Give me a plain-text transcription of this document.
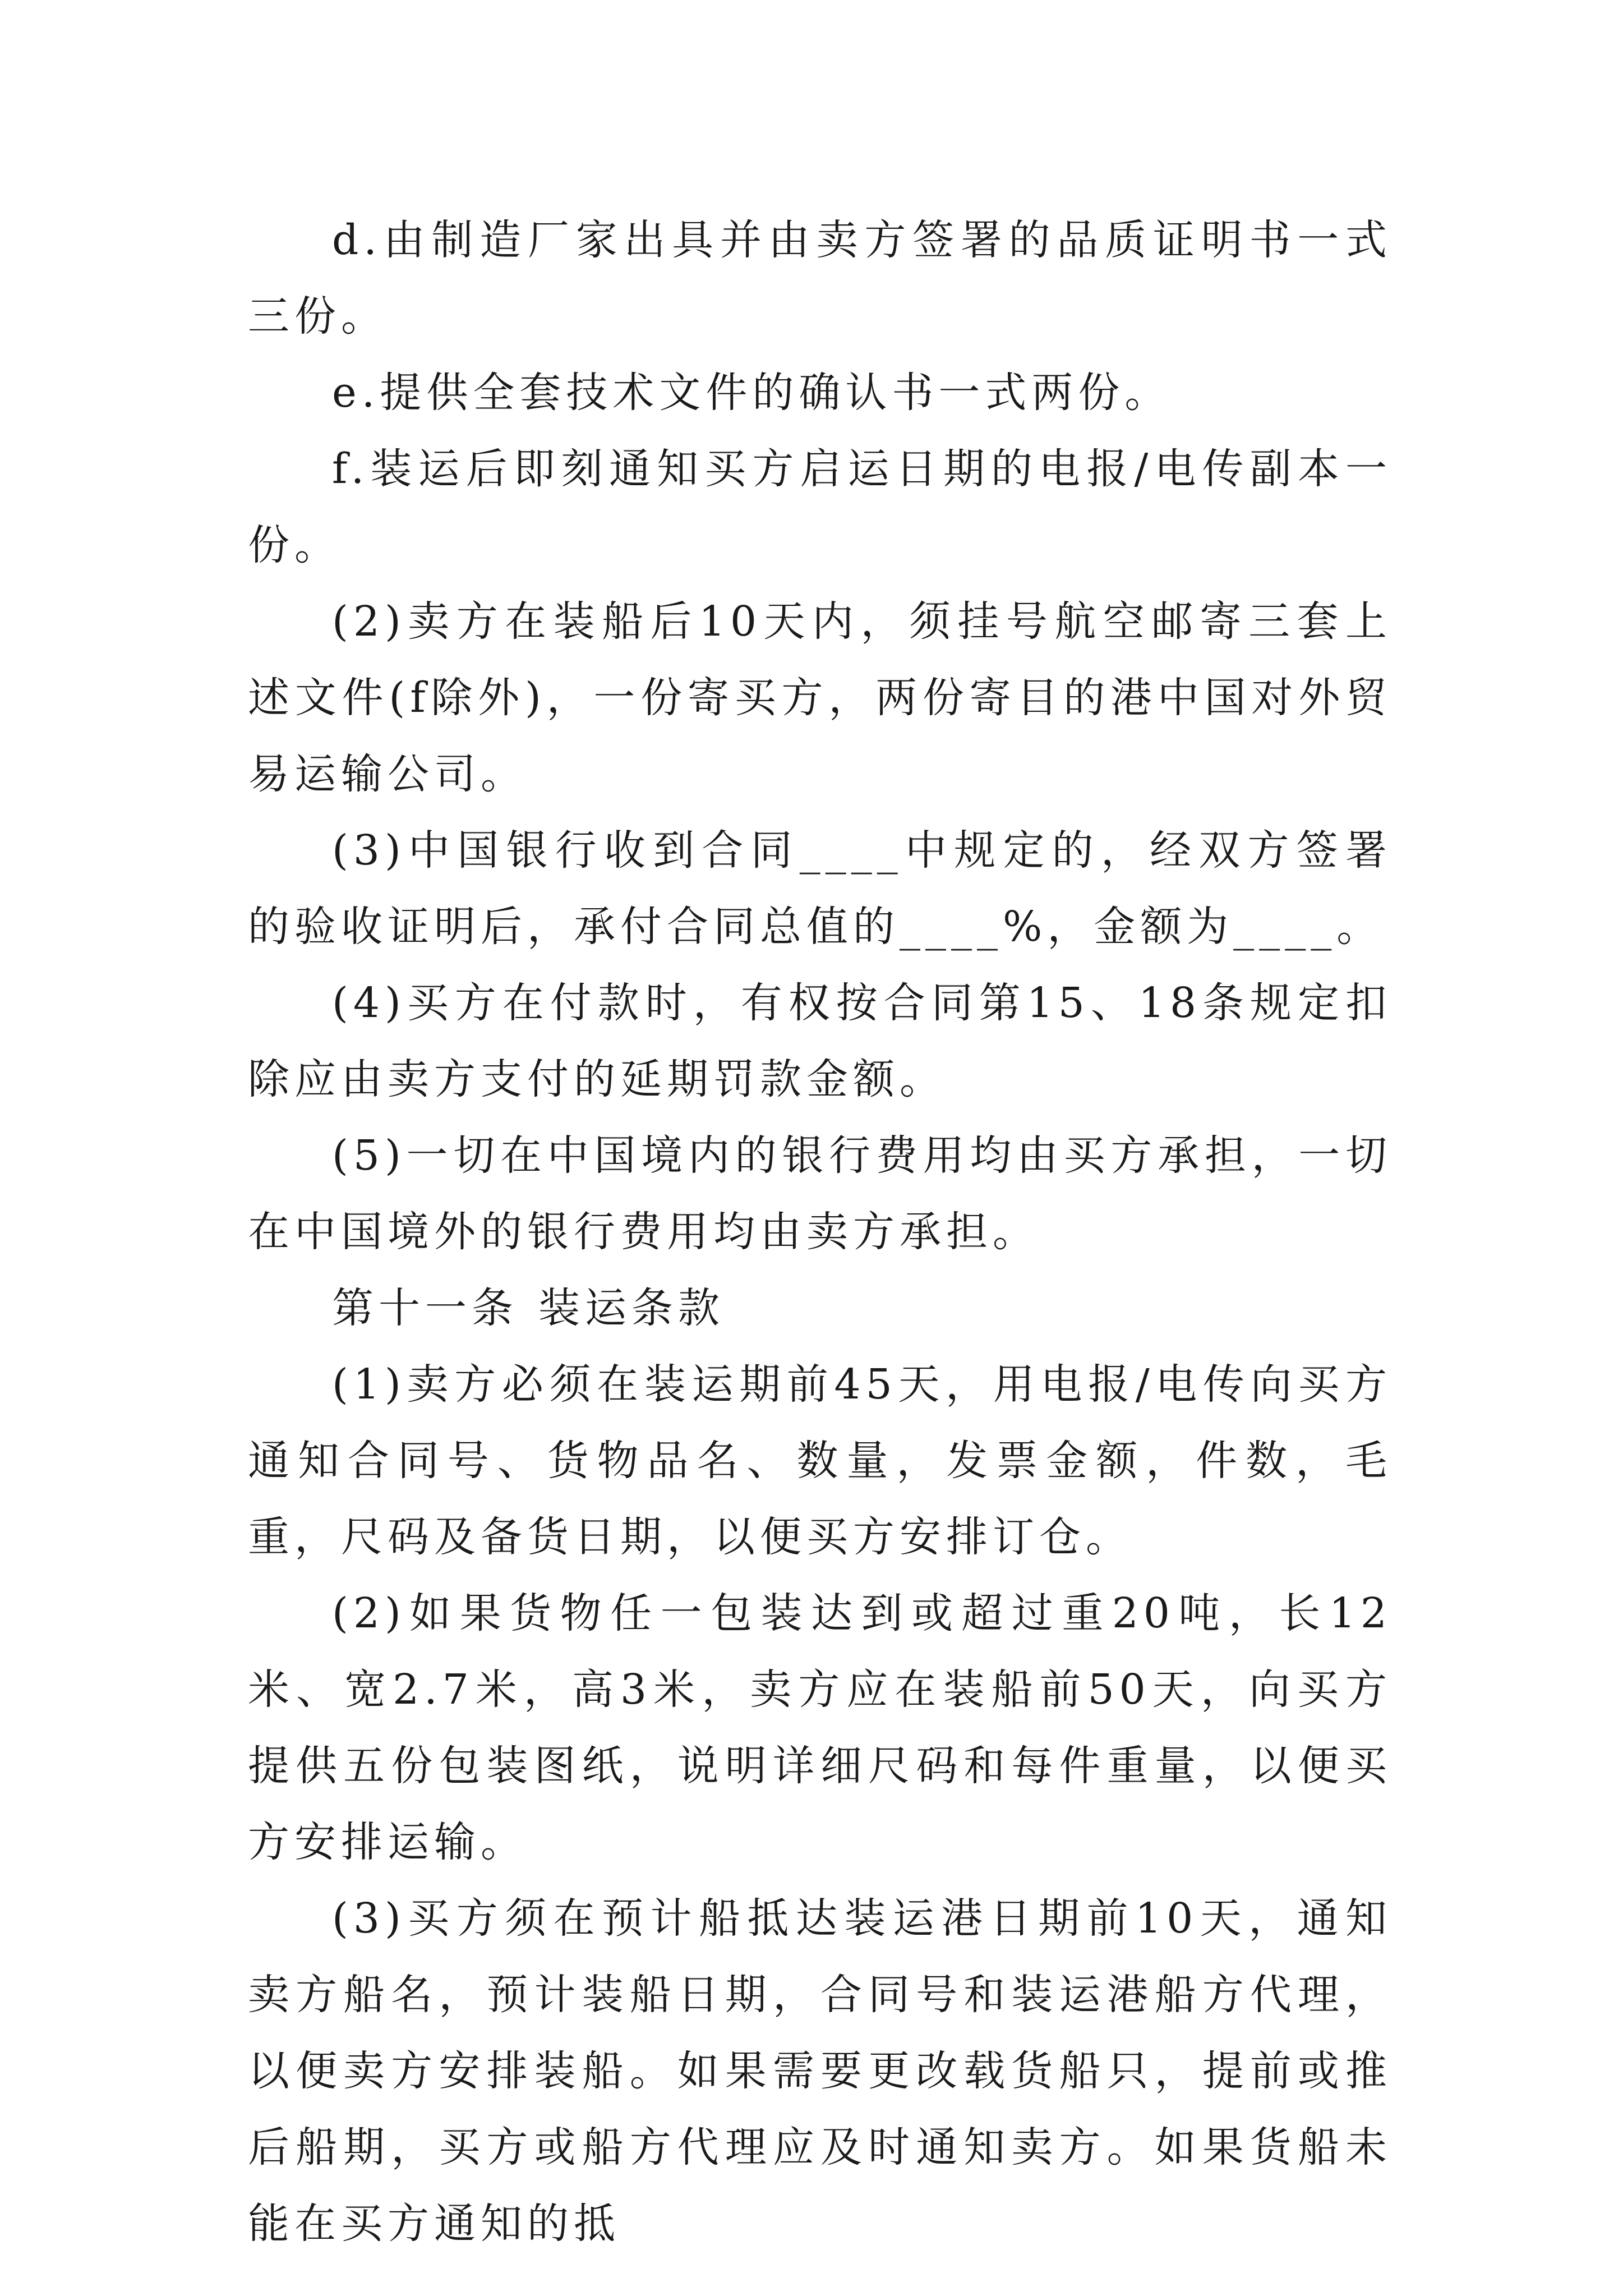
d.由制造厂家出具并由卖方签署的品质证明书一式三份。

e.提供全套技术文件的确认书一式两份。

f.装运后即刻通知买方启运日期的电报/电传副本一份。

(2)卖方在装船后10天内，须挂号航空邮寄三套上述文件(f除外)，一份寄买方，两份寄目的港中国对外贸易运输公司。

(3)中国银行收到合同____中规定的，经双方签署的验收证明后，承付合同总值的____%，金额为____。

(4)买方在付款时，有权按合同第15、18条规定扣除应由卖方支付的延期罚款金额。

(5)一切在中国境内的银行费用均由买方承担，一切在中国境外的银行费用均由卖方承担。

第十一条 装运条款

(1)卖方必须在装运期前45天，用电报/电传向买方通知合同号、货物品名、数量，发票金额，件数，毛重，尺码及备货日期，以便买方安排订仓。

(2)如果货物任一包装达到或超过重20吨，长12米、宽2.7米，高3米，卖方应在装船前50天，向买方提供五份包装图纸，说明详细尺码和每件重量，以便买方安排运输。

(3)买方须在预计船抵达装运港日期前10天，通知卖方船名，预计装船日期，合同号和装运港船方代理，以便卖方安排装船。如果需要更改载货船只，提前或推后船期，买方或船方代理应及时通知卖方。如果货船未能在买方通知的抵
